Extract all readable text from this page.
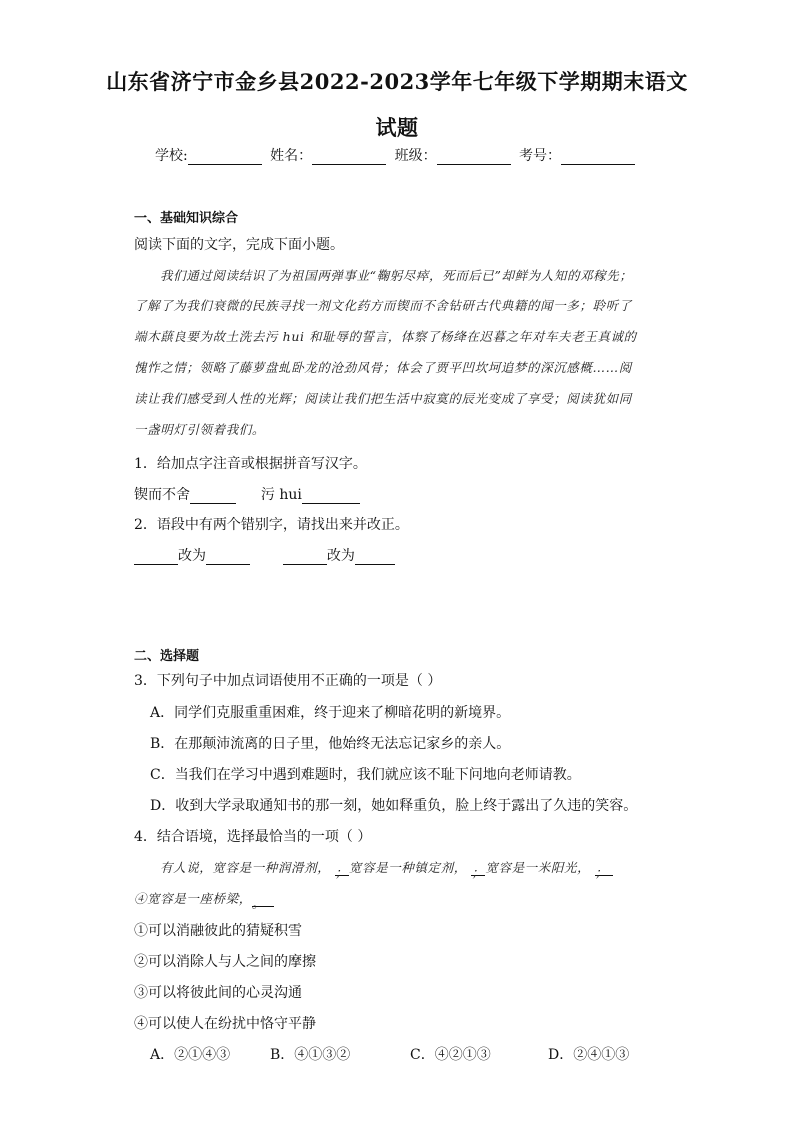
山东省济宁市金乡县2022-2023学年七年级下学期期末语文
试题
学校:	姓名：	班级：	考号：
一、基础知识综合
阅读下面的文字，完成下面小题。
我们通过阅读结识了为祖国两弹事业“鞠躬尽瘁，死而后已”却鲜为人知的邓稼先；
了解了为我们衰微的民族寻找一剂文化药方而锲而不舍钻研古代典籍的闻一多；聆听了
端木蕻良要为故土洗去污 hui 和耻辱的誓言，体察了杨绛在迟暮之年对车夫老王真诚的
愧怍之情；领略了藤萝盘虬卧龙的沧劲风骨；体会了贾平凹坎坷追梦的深沉感概……阅
读让我们感受到人性的光辉；阅读让我们把生活中寂寞的辰光变成了享受；阅读犹如同
一盏明灯引领着我们。
1．给加点字注音或根据拼音写汉字。
锲而不舍	污 hui
2．语段中有两个错别字，请找出来并改正。
改为	改为
二、选择题
3．下列句子中加点词语使用不正确的一项是（ ）
A．同学们克服重重困难，终于迎来了柳暗花明的新境界。
B．在那颠沛流离的日子里，他始终无法忘记家乡的亲人。
C．当我们在学习中遇到难题时，我们就应该不耻下问地向老师请教。
D．收到大学录取通知书的那一刻，她如释重负，脸上终于露出了久违的笑容。
4．结合语境，选择最恰当的一项（ ）
有人说，宽容是一种润滑剂， ；宽容是一种镇定剂， ；宽容是一米阳光， ；
④宽容是一座桥梁，。
①可以消融彼此的猜疑积雪
②可以消除人与人之间的摩擦
③可以将彼此间的心灵沟通
④可以使人在纷扰中恪守平静
A．②①④③	B．④①③②	C．④②①③	D．②④①③
